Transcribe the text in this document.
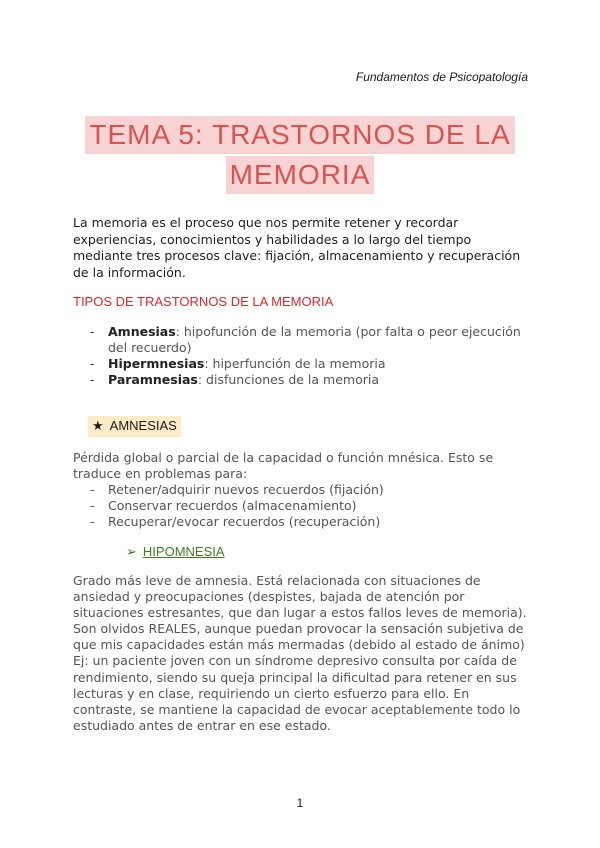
Fundamentos de Psicopatología
TEMA 5: TRASTORNOS DE LA
MEMORIA

La memoria es el proceso que nos permite retener y recordar experiencias, conocimientos y habilidades a lo largo del tiempo mediante tres procesos clave: fijación, almacenamiento y recuperación de la información.

TIPOS DE TRASTORNOS DE LA MEMORIA
- Amnesias: hipofunción de la memoria (por falta o peor ejecución del recuerdo)
- Hipermnesias: hiperfunción de la memoria
- Paramnesias: disfunciones de la memoria
★ AMNESIAS

Pérdida global o parcial de la capacidad o función mnésica. Esto se traduce en problemas para:

- Retener/adquirir nuevos recuerdos (fijación)
- Conservar recuerdos (almacenamiento)
- Recuperar/evocar recuerdos (recuperación)
➢ HIPOMNESIA

Grado más leve de amnesia. Está relacionada con situaciones de ansiedad y preocupaciones (despistes, bajada de atención por situaciones estresantes, que dan lugar a estos fallos leves de memoria). Son olvidos REALES, aunque puedan provocar la sensación subjetiva de que mis capacidades están más mermadas (debido al estado de ánimo) Ej: un paciente joven con un síndrome depresivo consulta por caída de rendimiento, siendo su queja principal la dificultad para retener en sus lecturas y en clase, requiriendo un cierto esfuerzo para ello. En contraste, se mantiene la capacidad de evocar aceptablemente todo lo estudiado antes de entrar en ese estado.

1
